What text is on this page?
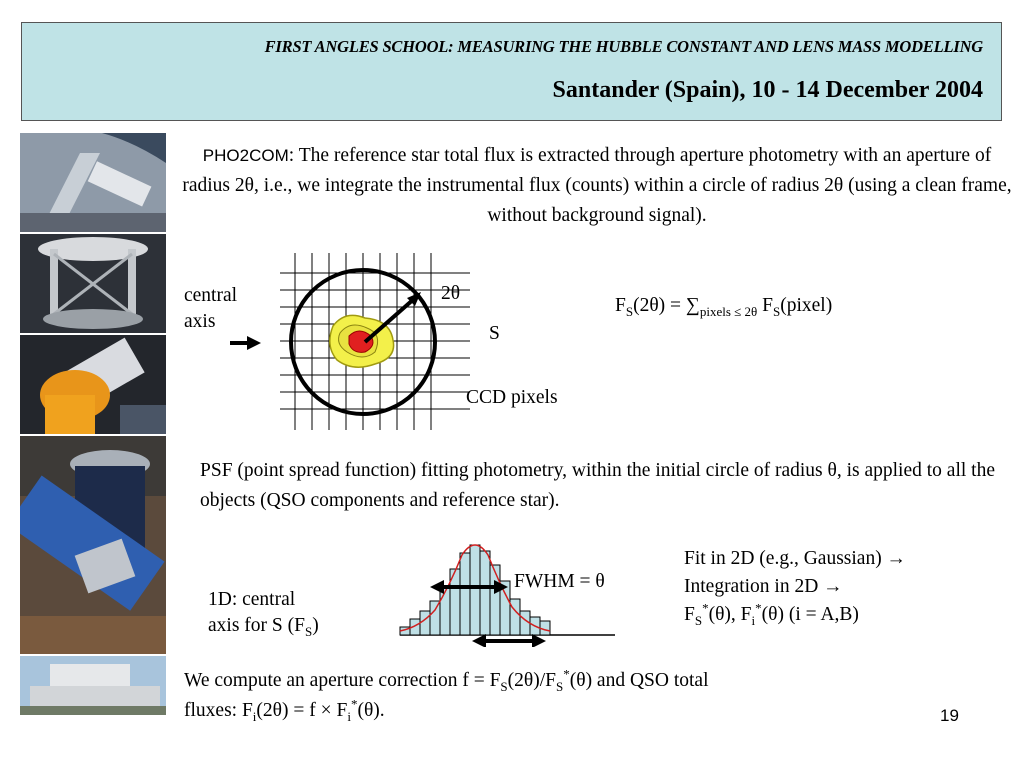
FIRST ANGLES SCHOOL: MEASURING THE HUBBLE CONSTANT AND LENS MASS MODELLING
Santander (Spain), 10 - 14 December 2004
PHO2COM: The reference star total flux is extracted through aperture photometry with an aperture of radius 2θ, i.e., we integrate the instrumental flux (counts) within a circle of radius 2θ (using a clean frame, without background signal).
central
axis
2θ
S
CCD pixels
$F_S(2\theta) = \sum_{pixels \le 2\theta}$ $F_S(pixel)$
PSF (point spread function) fitting photometry, within the initial circle of radius θ, is applied to all the objects (QSO components and reference star).
FWHM = θ
1D: central
axis for S $(F_S)$
Fit in 2D (e.g., Gaussian) →
Integration in 2D →
$F_S^*(\theta)$, $F_i^*(\theta) (i = A,B)$
We compute an aperture correction $f = F_S(2\theta)/F_S^*(\theta)$ and QSO total
fluxes: $F_i(2\theta) = f \times F_i^*(\theta)$.	19
